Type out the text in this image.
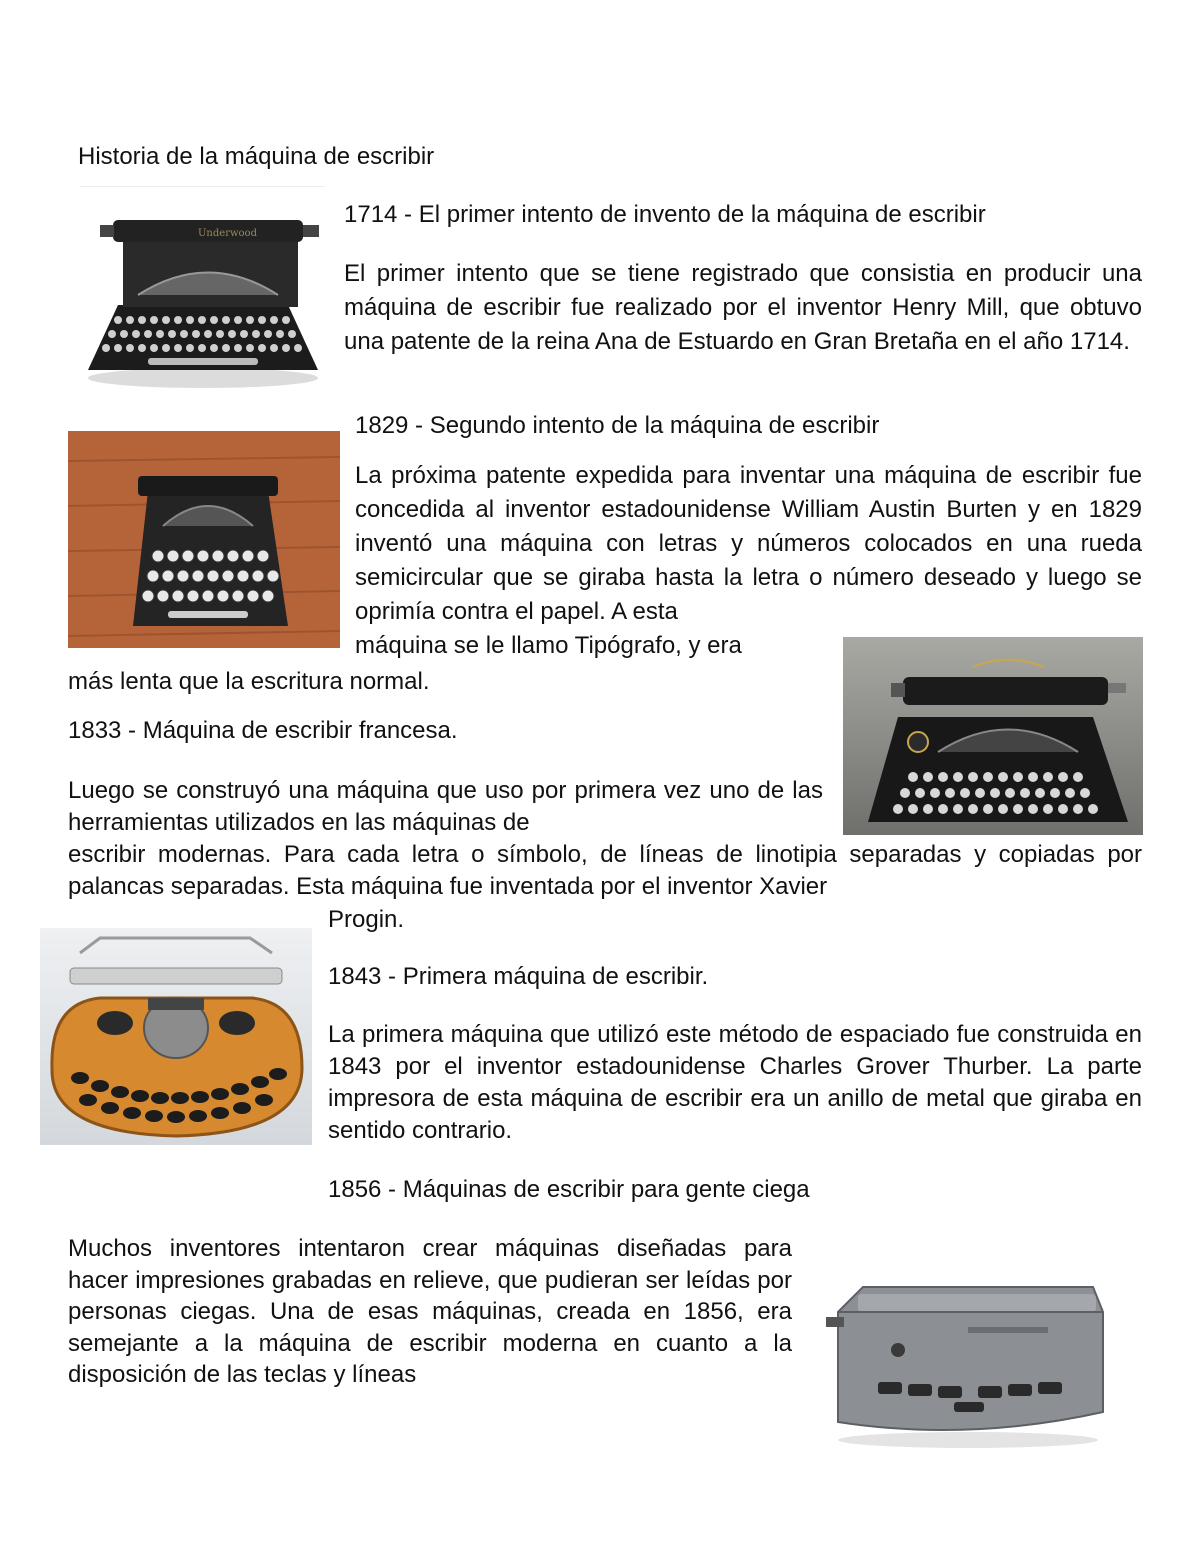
Historia de la máquina de escribir
Underwood
1714 - El primer intento de invento de la máquina de escribir
El primer intento que se tiene registrado que consistia en producir una máquina de escribir fue realizado por el inventor Henry Mill, que obtuvo una patente de la reina Ana de Estuardo en Gran Bretaña en el año 1714.
1829 - Segundo intento de la máquina de escribir
La próxima patente expedida para inventar una máquina de escribir fue concedida al inventor estadounidense William Austin Burten y en 1829 inventó una máquina con letras y números colocados en una rueda semicircular que se giraba hasta la letra o número deseado y luego se oprimía contra el papel. A esta
máquina se le llamo Tipógrafo, y era
más lenta que la escritura normal.
1833 - Máquina de escribir francesa.
Luego se construyó una máquina que uso por primera vez uno de las herramientas utilizados en las máquinas de
escribir modernas. Para cada letra o símbolo, de líneas de linotipia separadas y copiadas por palancas separadas. Esta máquina fue inventada por el inventor Xavier
Progin.
1843 - Primera máquina de escribir.
La primera máquina que utilizó este método de espaciado fue construida en 1843 por el inventor estadounidense Charles Grover Thurber. La parte impresora de esta máquina de escribir era un anillo de metal que giraba en sentido contrario.
1856 - Máquinas de escribir para gente ciega
Muchos inventores intentaron crear máquinas diseñadas para hacer impresiones grabadas en relieve, que pudieran ser leídas por personas ciegas. Una de esas máquinas, creada en 1856, era semejante a la máquina de escribir moderna en cuanto a la disposición de las teclas y líneas
